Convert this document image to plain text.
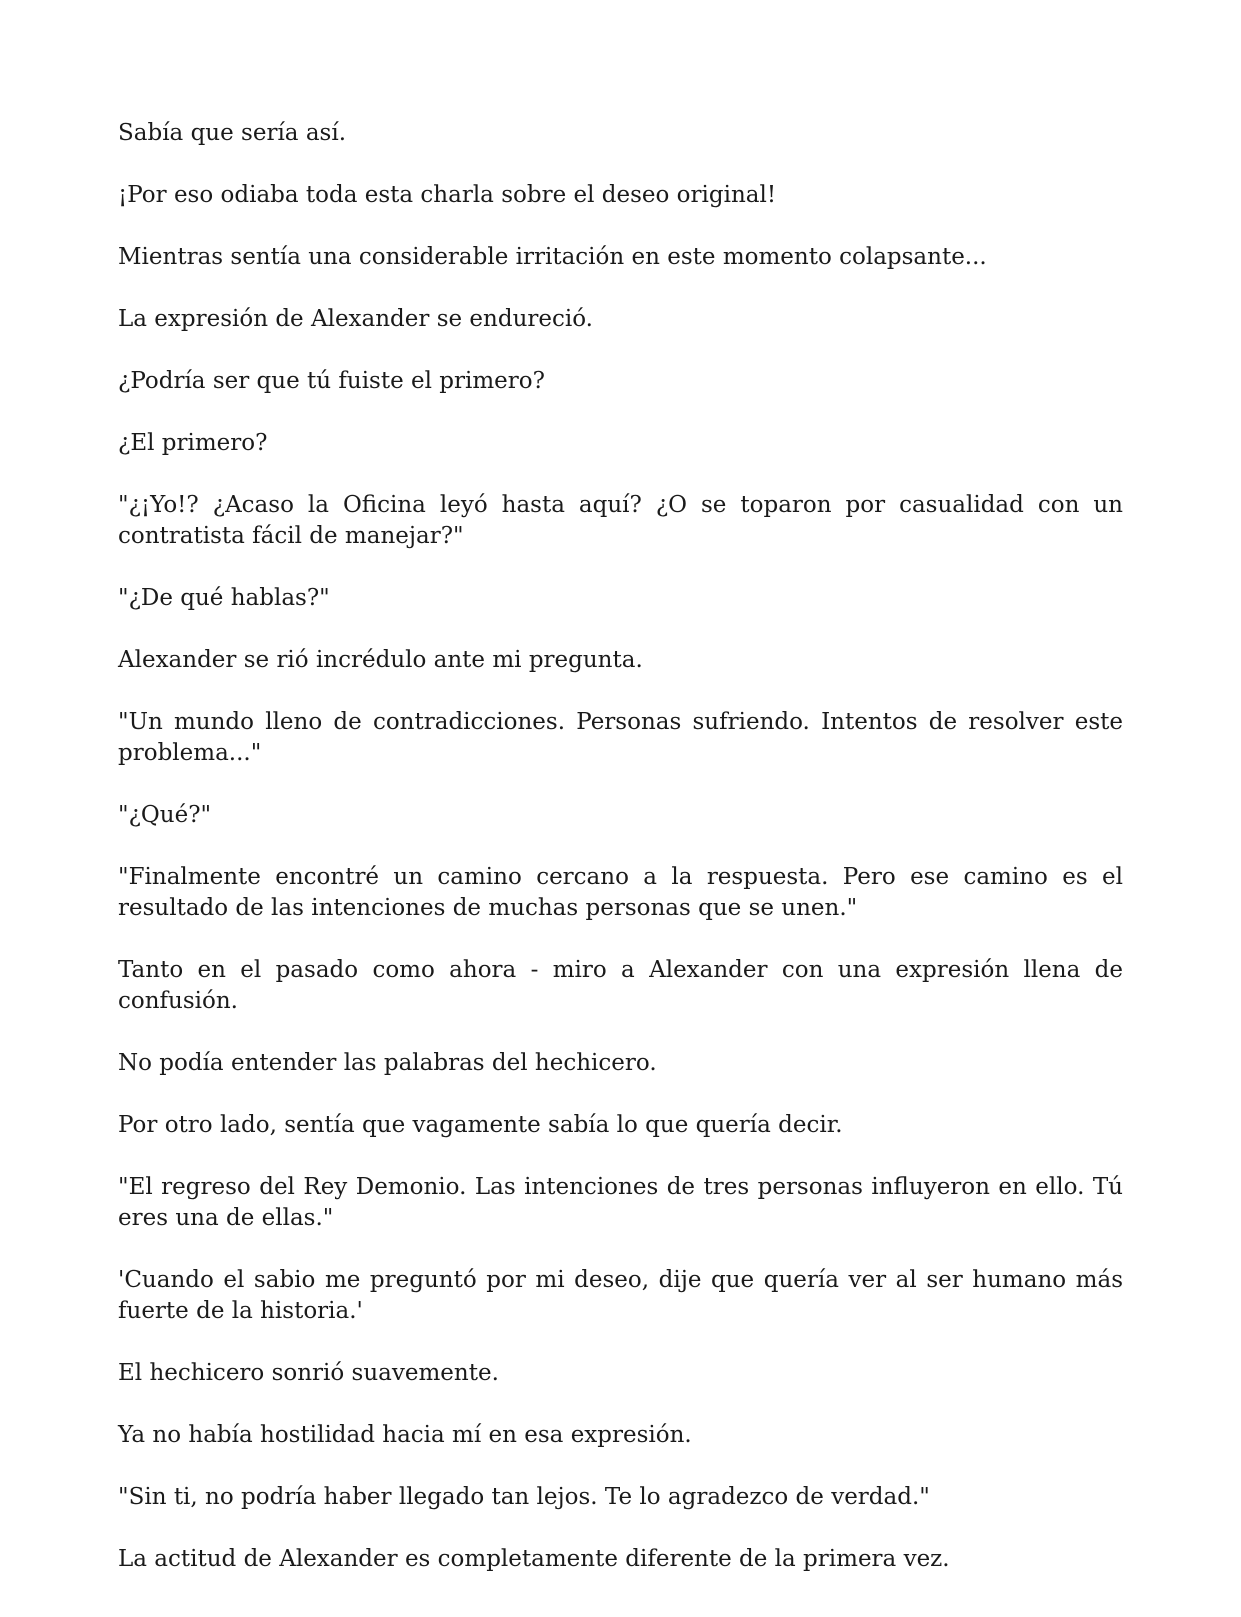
Sabía que sería así.

¡Por eso odiaba toda esta charla sobre el deseo original!

Mientras sentía una considerable irritación en este momento colapsante...

La expresión de Alexander se endureció.

¿Podría ser que tú fuiste el primero?

¿El primero?

"¿¡Yo!? ¿Acaso la Oficina leyó hasta aquí? ¿O se toparon por casualidad con un contratista fácil de manejar?"

"¿De qué hablas?"

Alexander se rió incrédulo ante mi pregunta.

"Un mundo lleno de contradicciones. Personas sufriendo. Intentos de resolver este problema..."

"¿Qué?"

"Finalmente encontré un camino cercano a la respuesta. Pero ese camino es el resultado de las intenciones de muchas personas que se unen."

Tanto en el pasado como ahora - miro a Alexander con una expresión llena de confusión.

No podía entender las palabras del hechicero.

Por otro lado, sentía que vagamente sabía lo que quería decir.

"El regreso del Rey Demonio. Las intenciones de tres personas influyeron en ello. Tú eres una de ellas."

'Cuando el sabio me preguntó por mi deseo, dije que quería ver al ser humano más fuerte de la historia.'

El hechicero sonrió suavemente.

Ya no había hostilidad hacia mí en esa expresión.

"Sin ti, no podría haber llegado tan lejos. Te lo agradezco de verdad."

La actitud de Alexander es completamente diferente de la primera vez.
